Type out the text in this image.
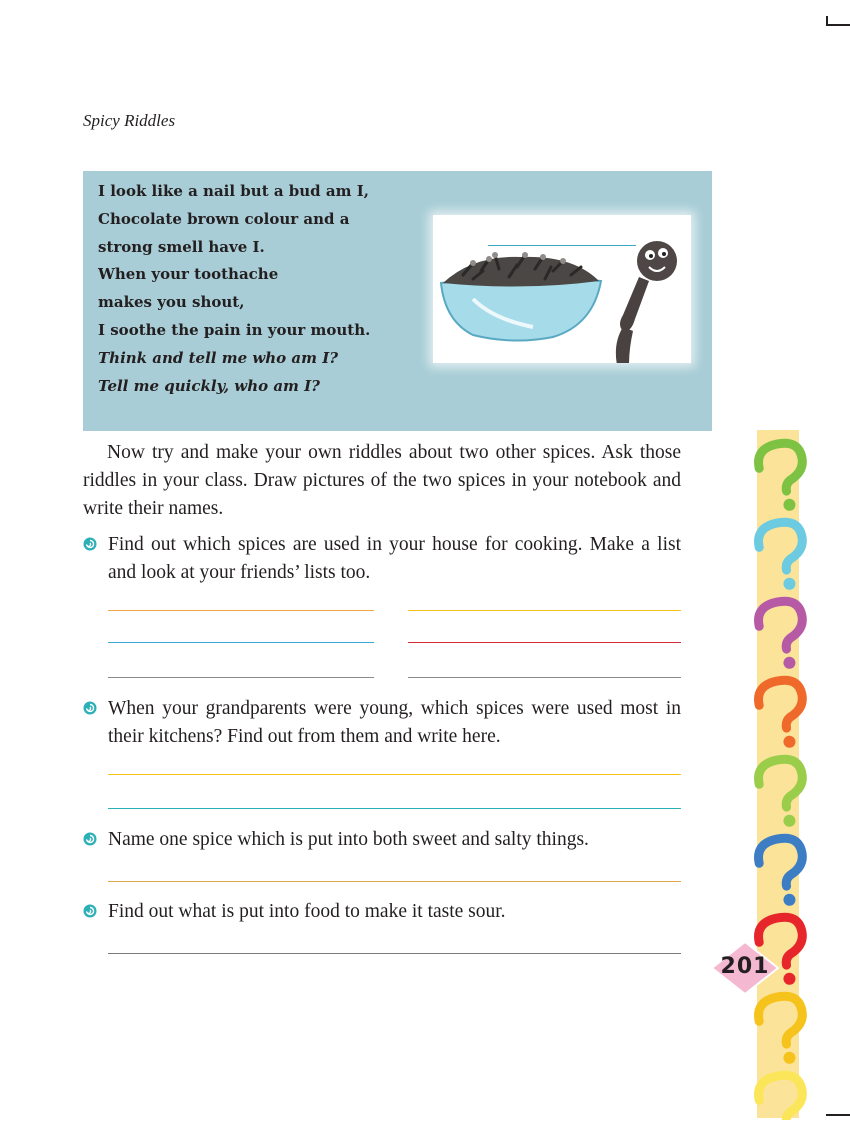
Spicy Riddles
I look like a nail but a bud am I,
Chocolate brown colour and a
strong smell have I.
When your toothache
makes you shout,
I soothe the pain in your mouth.
Think and tell me who am I?
Tell me quickly, who am I?
Now try and make your own riddles about two other spices. Ask those riddles in your class. Draw pictures of the two spices in your notebook and write their names.
Find out which spices are used in your house for cooking. Make a list and look at your friends’ lists too.
When your grandparents were young, which spices were used most in their kitchens? Find out from them and write here.
Name one spice which is put into both sweet and salty things.
Find out what is put into food to make it taste sour.
201
